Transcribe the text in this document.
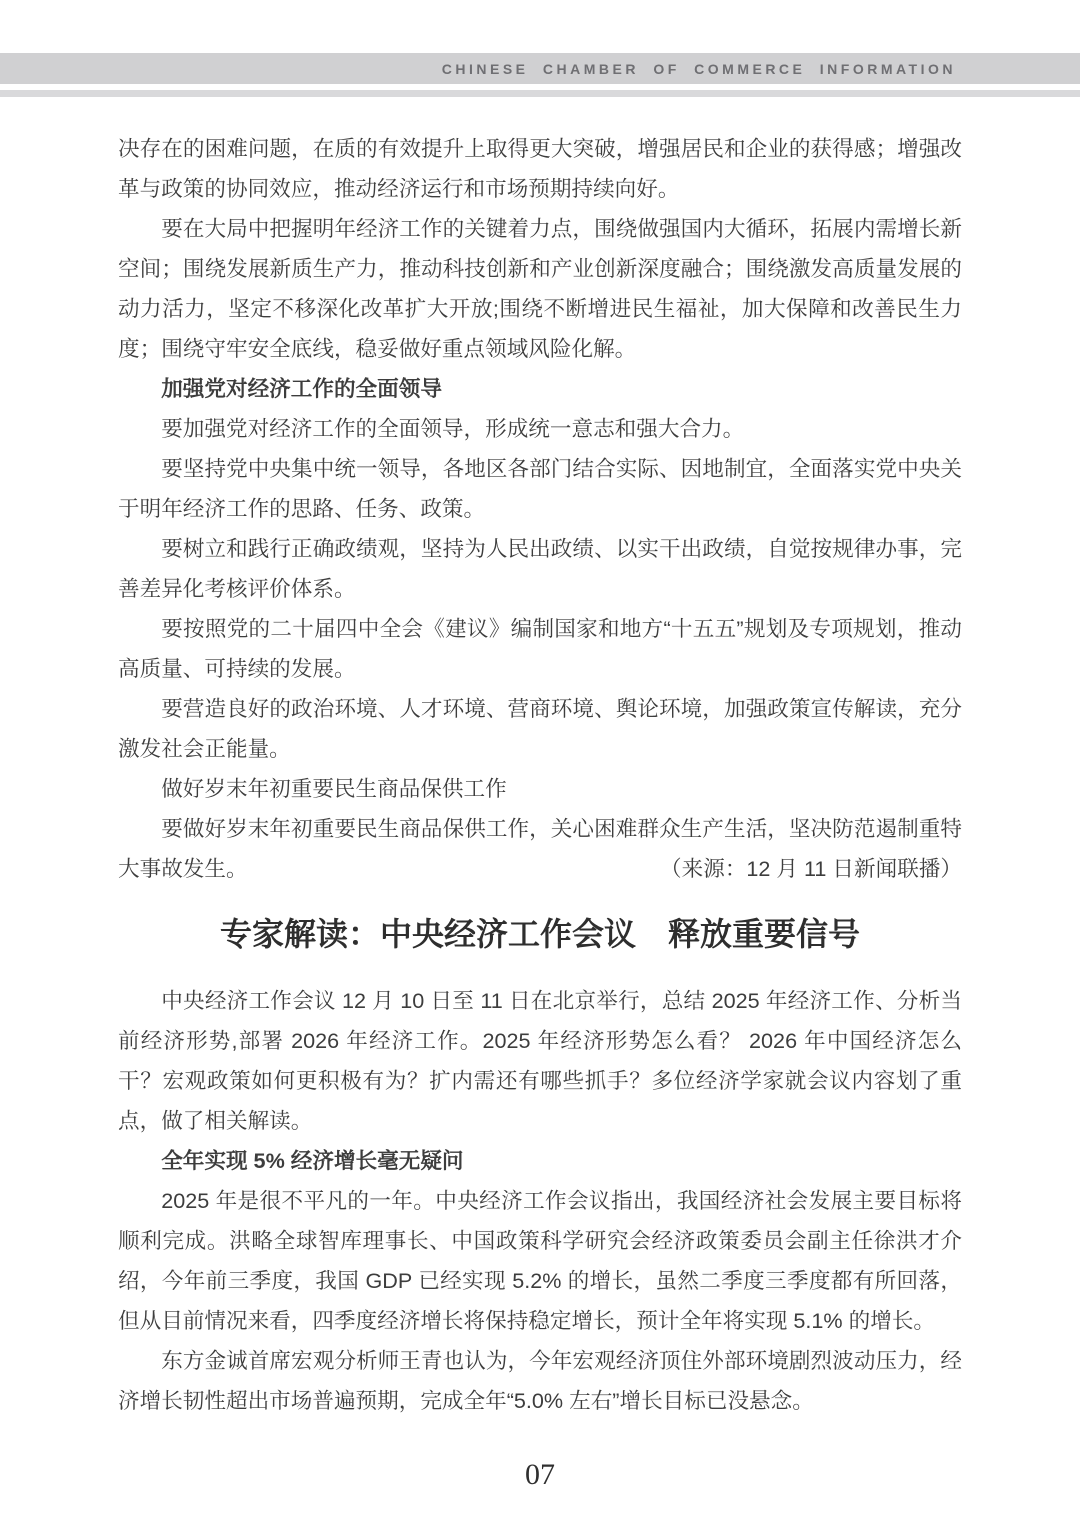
CHINESE CHAMBER OF COMMERCE INFORMATION

决存在的困难问题，在质的有效提升上取得更大突破，增强居民和企业的获得感；增强改革与政策的协同效应，推动经济运行和市场预期持续向好。

要在大局中把握明年经济工作的关键着力点，围绕做强国内大循环，拓展内需增长新空间；围绕发展新质生产力，推动科技创新和产业创新深度融合；围绕激发高质量发展的动力活力，坚定不移深化改革扩大开放;围绕不断增进民生福祉，加大保障和改善民生力度；围绕守牢安全底线，稳妥做好重点领域风险化解。

加强党对经济工作的全面领导

要加强党对经济工作的全面领导，形成统一意志和强大合力。

要坚持党中央集中统一领导，各地区各部门结合实际、因地制宜，全面落实党中央关于明年经济工作的思路、任务、政策。

要树立和践行正确政绩观，坚持为人民出政绩、以实干出政绩，自觉按规律办事，完善差异化考核评价体系。

要按照党的二十届四中全会《建议》编制国家和地方“十五五”规划及专项规划，推动高质量、可持续的发展。

要营造良好的政治环境、人才环境、营商环境、舆论环境，加强政策宣传解读，充分激发社会正能量。

做好岁末年初重要民生商品保供工作

要做好岁末年初重要民生商品保供工作，关心困难群众生产生活，坚决防范遏制重特大事故发生。	（来源：12 月 11 日新闻联播）

专家解读：中央经济工作会议　释放重要信号

中央经济工作会议 12 月 10 日至 11 日在北京举行，总结 2025 年经济工作、分析当前经济形势,部署 2026 年经济工作。2025 年经济形势怎么看？ 2026 年中国经济怎么干？宏观政策如何更积极有为？扩内需还有哪些抓手？多位经济学家就会议内容划了重点，做了相关解读。

全年实现 5% 经济增长毫无疑问

2025 年是很不平凡的一年。中央经济工作会议指出，我国经济社会发展主要目标将顺利完成。洪略全球智库理事长、中国政策科学研究会经济政策委员会副主任徐洪才介绍，今年前三季度，我国 GDP 已经实现 5.2% 的增长，虽然二季度三季度都有所回落，但从目前情况来看，四季度经济增长将保持稳定增长，预计全年将实现 5.1% 的增长。

东方金诚首席宏观分析师王青也认为，今年宏观经济顶住外部环境剧烈波动压力，经济增长韧性超出市场普遍预期，完成全年“5.0% 左右”增长目标已没悬念。

07
